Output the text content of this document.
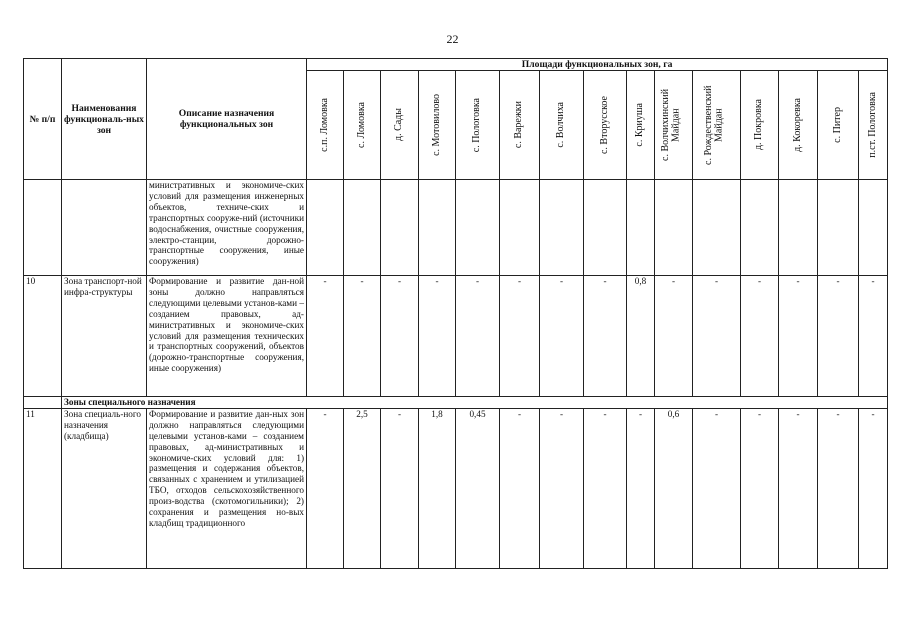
22
№ п/п	Наименования функциональ-ных зон	Описание назначения функциональных зон	Площади функциональных зон, га														

			с.п. Ломовка	с. Ломовка	д. Сады	с. Мотовилово	с. Пологовка	с. Варежки	с. Волчиха	с. Вторусское	с. Криуша	с. Волчихинский Майдан	с. Рождественский Майдан	д. Покровка	д. Кокоревка	с. Питер	п.ст. Пологовка

		министративных и экономиче-ских условий для размещения инженерных объектов, техниче-ских и транспортных сооруже-ний (источники водоснабжения, очистные сооружения, электро-станции, дорожно-транспортные сооружения, иные сооружения)															
10	Зона транспорт-ной инфра-структуры	Формирование и развитие дан-ной зоны должно направляться следующими целевыми установ-ками – созданием правовых, ад-министративных и экономиче-ских условий для размещения технических и транспортных сооружений, объектов (дорожно-транспортные сооружения, иные сооружения)	-	-	-	-	-	-	-	-	0,8	-	-	-	-	-	-
	Зоны специального назначения																
11	Зона специаль-ного назначения (кладбища)	Формирование и развитие дан-ных зон должно направляться следующими целевыми установ-ками – созданием правовых, ад-министративных и экономиче-ских условий для: 1) размещения и содержания объектов, связанных с хранением и утилизацией ТБО, отходов сельскохозяйственного произ-водства (скотомогильники); 2) сохранения и размещения но-вых кладбищ традиционного	-	2,5	-	1,8	0,45	-	-	-	-	0,6	-	-	-	-	-
